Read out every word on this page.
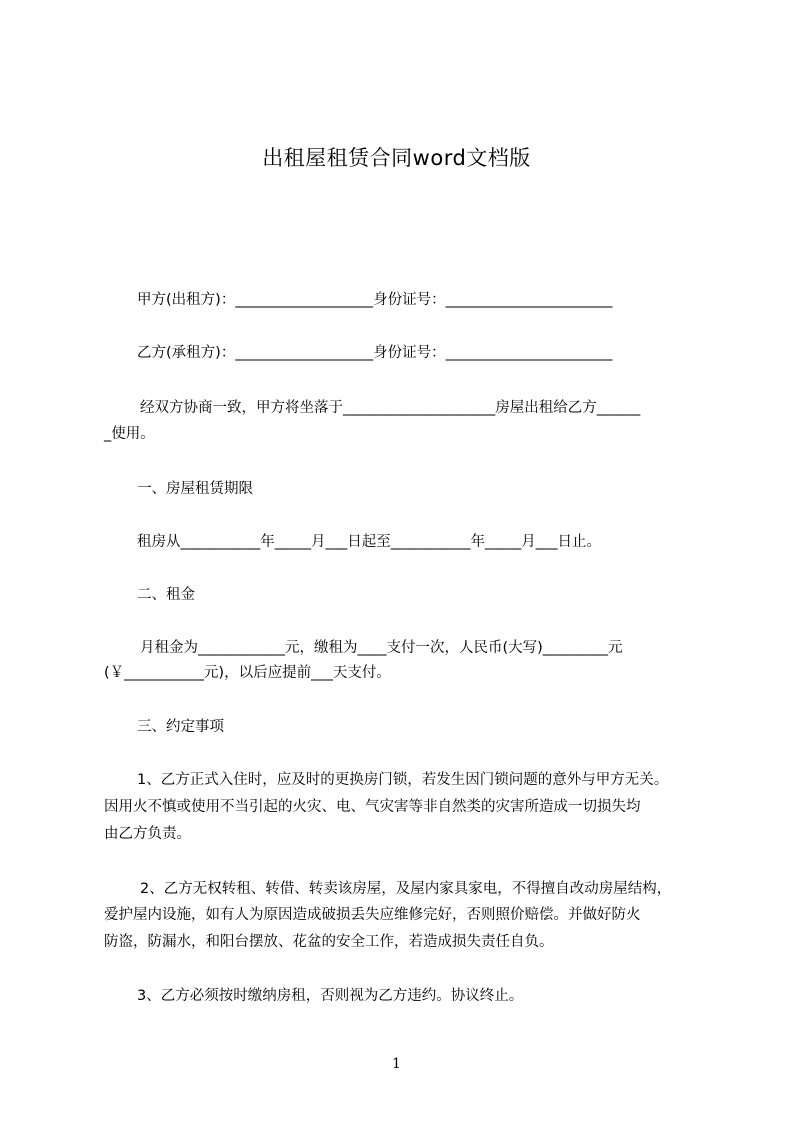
出租屋租赁合同word文档版
甲方(出租方)：___________________身份证号：_______________________
乙方(承租方)：___________________身份证号：_______________________
经双方协商一致，甲方将坐落于_____________________房屋出租给乙方______
_使用。
一、房屋租赁期限
租房从___________年_____月___日起至___________年_____月___日止。
二、租金
月租金为____________元，缴租为____支付一次，人民币(大写)_________元
(￥___________元)，以后应提前___天支付。
三、约定事项
1、乙方正式入住时，应及时的更换房门锁，若发生因门锁问题的意外与甲方无关。
因用火不慎或使用不当引起的火灾、电、气灾害等非自然类的灾害所造成一切损失均
由乙方负责。
2、乙方无权转租、转借、转卖该房屋，及屋内家具家电，不得擅自改动房屋结构，
爱护屋内设施，如有人为原因造成破损丢失应维修完好，否则照价赔偿。并做好防火
防盗，防漏水，和阳台摆放、花盆的安全工作，若造成损失责任自负。
3、乙方必须按时缴纳房租，否则视为乙方违约。协议终止。
1
